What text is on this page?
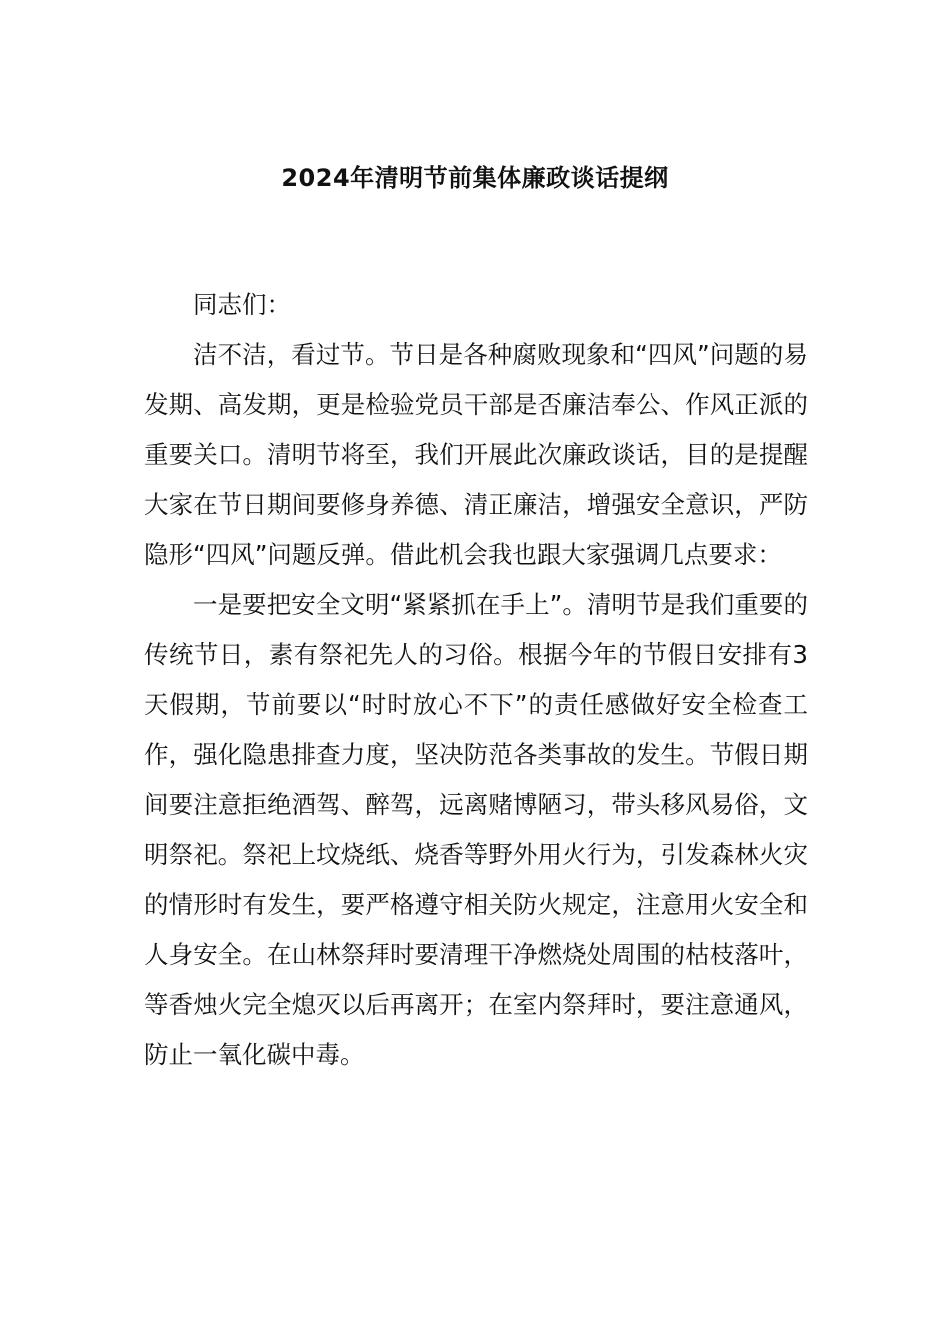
2024年清明节前集体廉政谈话提纲

同志们：

洁不洁，看过节。节日是各种腐败现象和“四风”问题的易发期、高发期，更是检验党员干部是否廉洁奉公、作风正派的重要关口。清明节将至，我们开展此次廉政谈话，目的是提醒大家在节日期间要修身养德、清正廉洁，增强安全意识，严防隐形“四风”问题反弹。借此机会我也跟大家强调几点要求：

一是要把安全文明“紧紧抓在手上”。清明节是我们重要的传统节日，素有祭祀先人的习俗。根据今年的节假日安排有3天假期，节前要以“时时放心不下”的责任感做好安全检查工作，强化隐患排查力度，坚决防范各类事故的发生。节假日期间要注意拒绝酒驾、醉驾，远离赌博陋习，带头移风易俗，文明祭祀。祭祀上坟烧纸、烧香等野外用火行为，引发森林火灾的情形时有发生，要严格遵守相关防火规定，注意用火安全和人身安全。在山林祭拜时要清理干净燃烧处周围的枯枝落叶，等香烛火完全熄灭以后再离开；在室内祭拜时，要注意通风，防止一氧化碳中毒。
